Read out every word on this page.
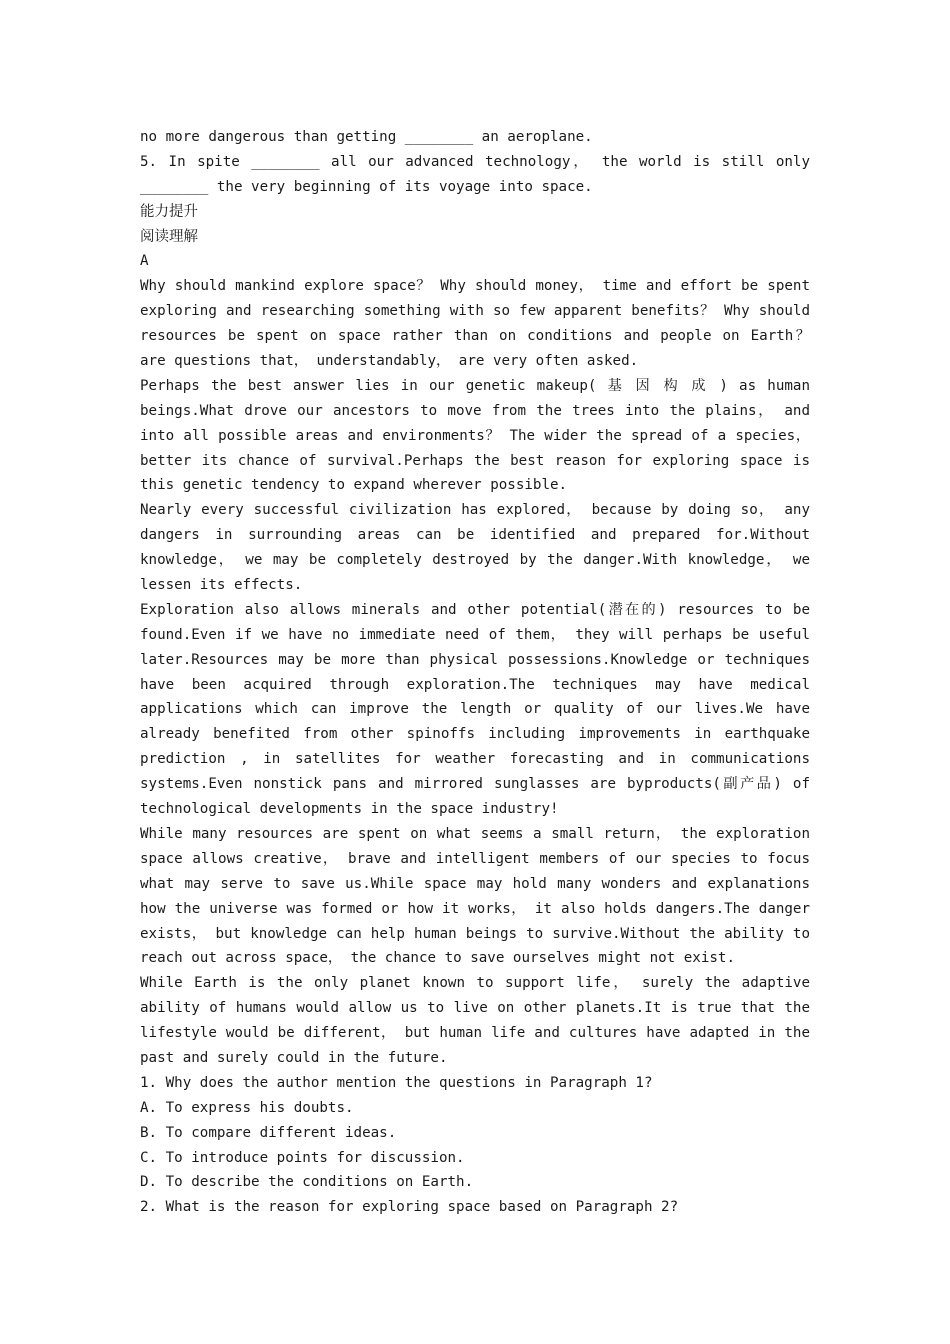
no more dangerous than getting ________ an aeroplane.
5. In spite ________ all our advanced technology， the world is still only
________ the very beginning of its voyage into space.
能力提升
阅读理解
A
Why should mankind explore space？ Why should money， time and effort be spent
exploring and researching something with so few apparent benefits？ Why should
resources be spent on space rather than on conditions and people on Earth？
are questions that， understandably， are very often asked.
Perhaps the best answer lies in our genetic makeup( 基 因 构 成 ) as human
beings.What drove our ancestors to move from the trees into the plains， and
into all possible areas and environments？ The wider the spread of a species，
better its chance of survival.Perhaps the best reason for exploring space is
this genetic tendency to expand wherever possible.
Nearly every successful civilization has explored， because by doing so， any
dangers in surrounding areas can be identified and prepared for.Without
knowledge， we may be completely destroyed by the danger.With knowledge， we
lessen its effects.
Exploration also allows minerals and other potential(潜在的) resources to be
found.Even if we have no immediate need of them， they will perhaps be useful
later.Resources may be more than physical possessions.Knowledge or techniques
have been acquired through exploration.The techniques may have medical
applications which can improve the length or quality of our lives.We have
already benefited from other spinoffs including improvements in earthquake
prediction , in satellites for weather forecasting and in communications
systems.Even nonstick pans and mirrored sunglasses are byproducts(副产品) of
technological developments in the space industry!
While many resources are spent on what seems a small return， the exploration
space allows creative， brave and intelligent members of our species to focus
what may serve to save us.While space may hold many wonders and explanations
how the universe was formed or how it works， it also holds dangers.The danger
exists， but knowledge can help human beings to survive.Without the ability to
reach out across space， the chance to save ourselves might not exist.
While Earth is the only planet known to support life， surely the adaptive
ability of humans would allow us to live on other planets.It is true that the
lifestyle would be different， but human life and cultures have adapted in the
past and surely could in the future.
1. Why does the author mention the questions in Paragraph 1?
A. To express his doubts.
B. To compare different ideas.
C. To introduce points for discussion.
D. To describe the conditions on Earth.
2. What is the reason for exploring space based on Paragraph 2?
